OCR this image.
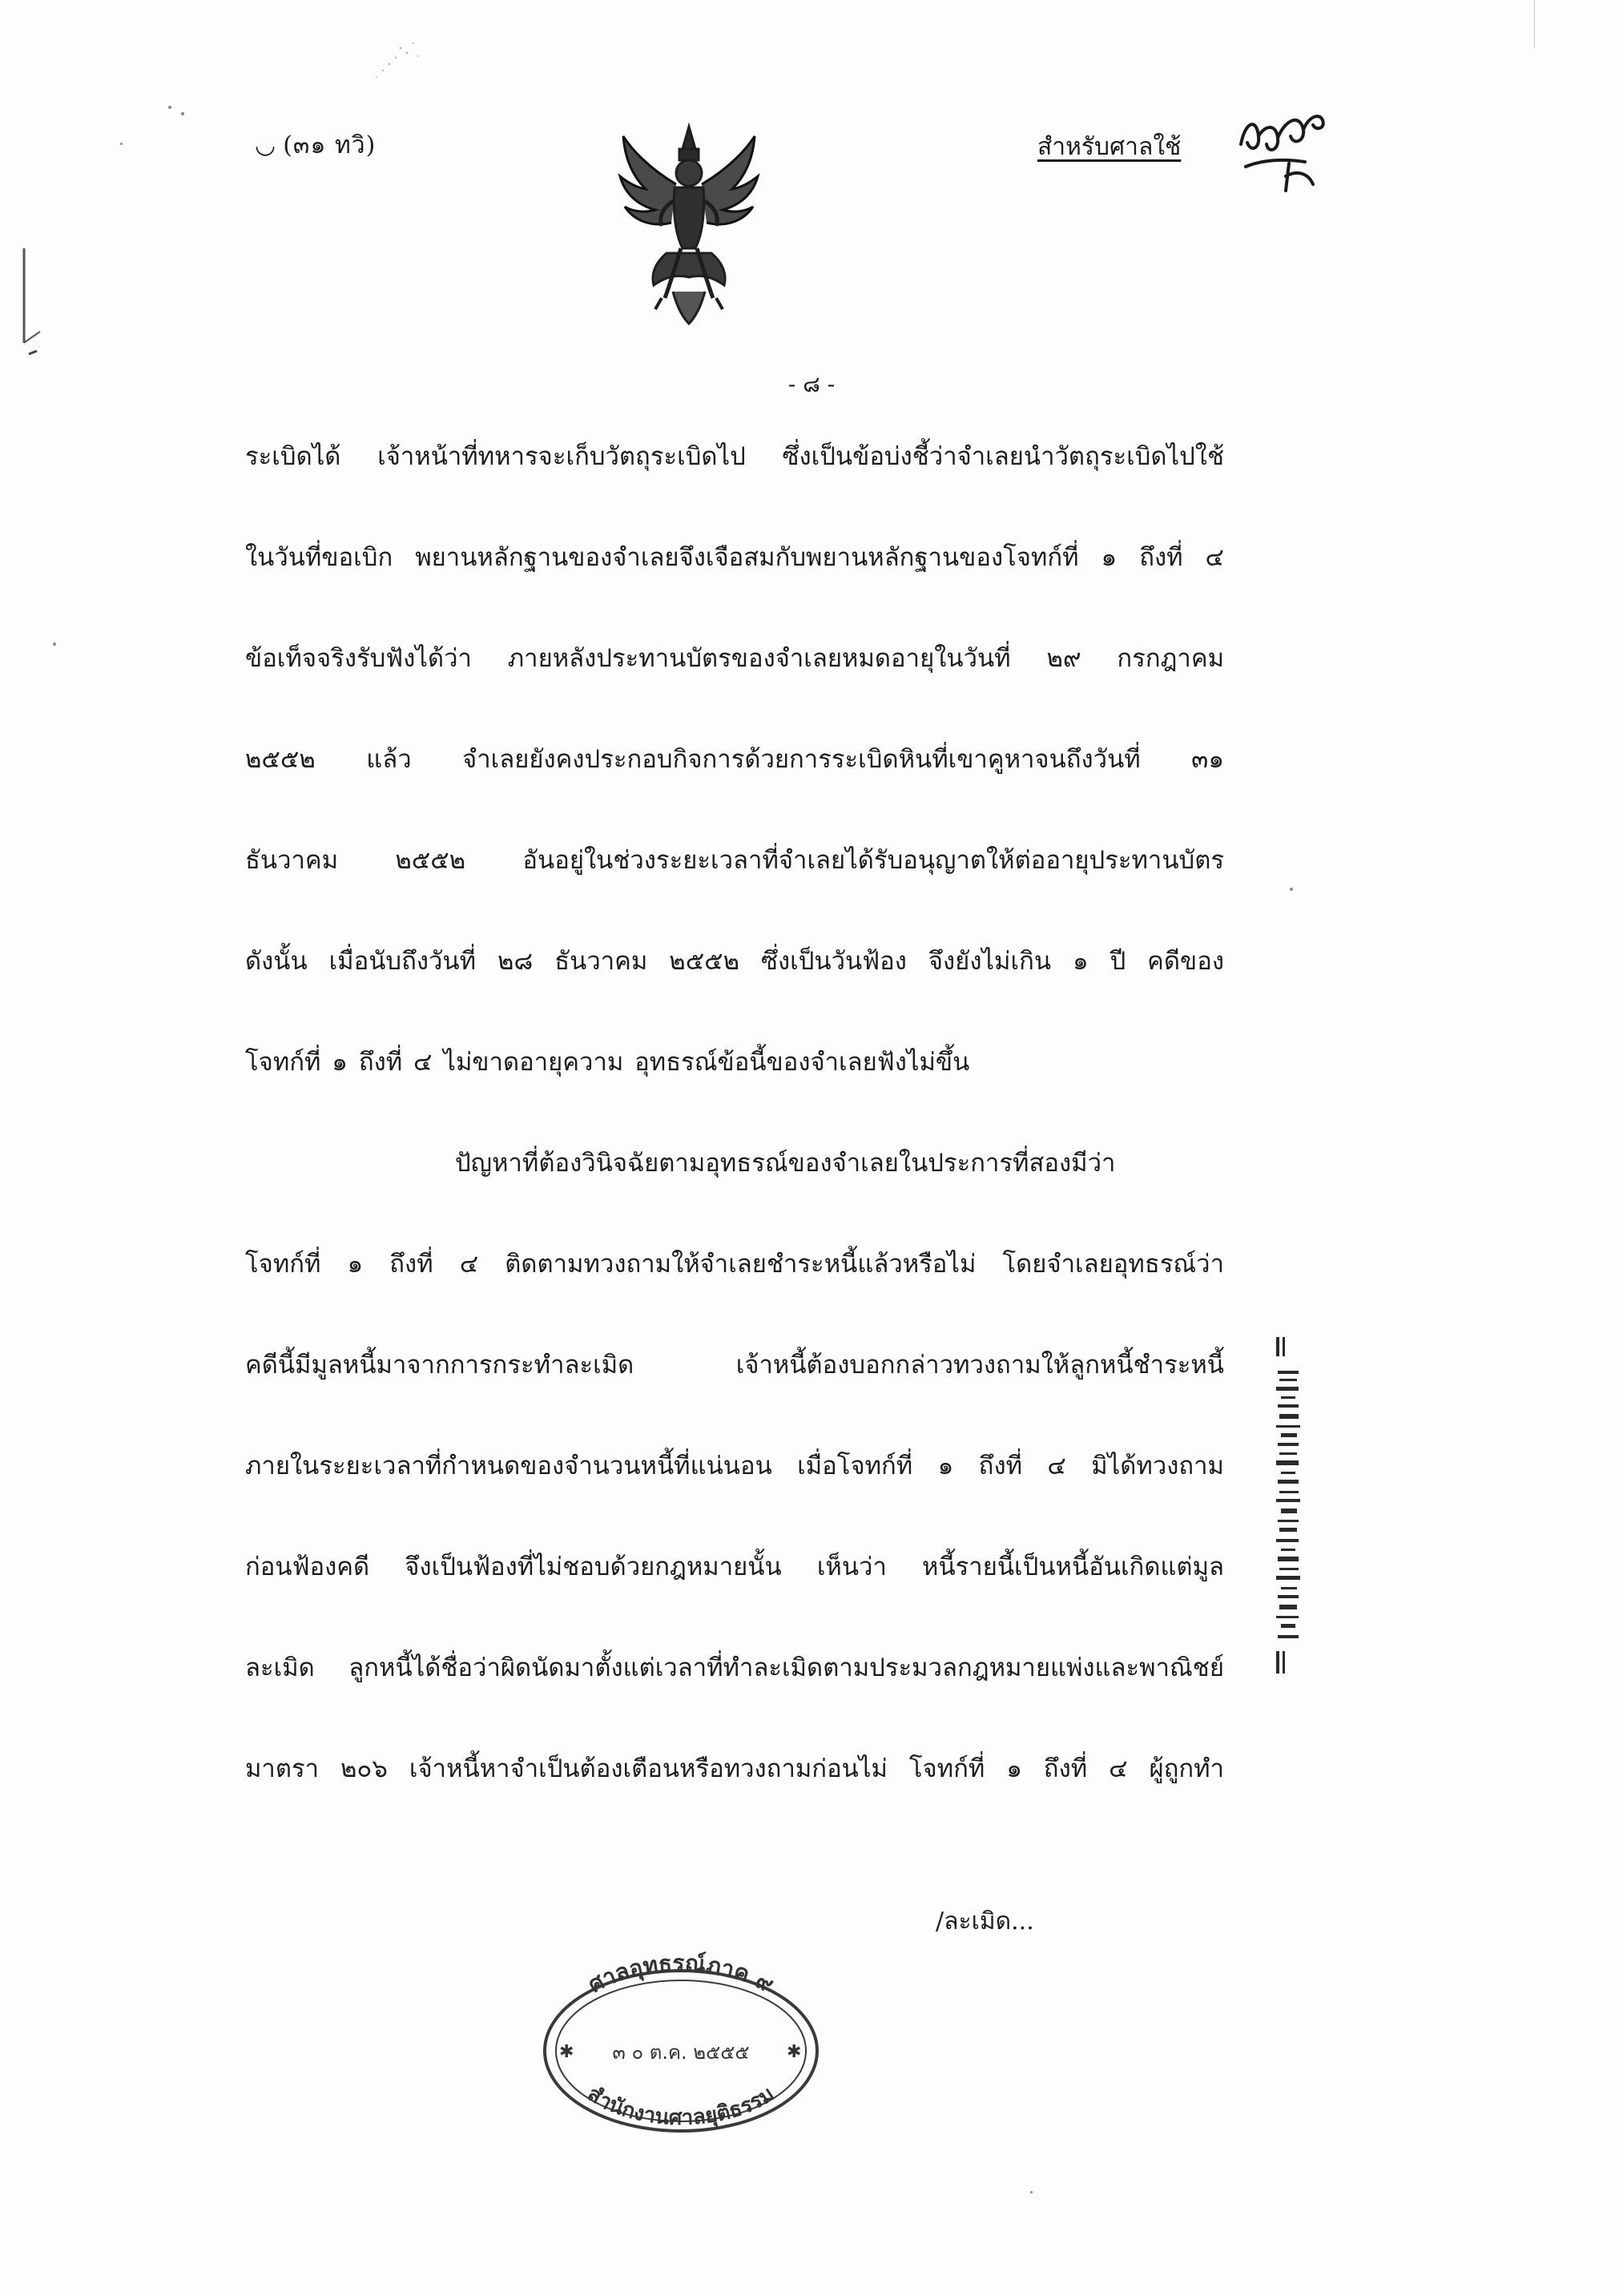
◡ (๓๑ ทวิ)	สำหรับศาลใช้
- ๘ -
ระเบิดได้ เจ้าหน้าที่ทหารจะเก็บวัตถุระเบิดไป ซึ่งเป็นข้อบ่งชี้ว่าจำเลยนำวัตถุระเบิดไปใช้
ในวันที่ขอเบิก พยานหลักฐานของจำเลยจึงเจือสมกับพยานหลักฐานของโจทก์ที่ ๑ ถึงที่ ๔
ข้อเท็จจริงรับฟังได้ว่า ภายหลังประทานบัตรของจำเลยหมดอายุในวันที่ ๒๙ กรกฎาคม
๒๕๕๒ แล้ว จำเลยยังคงประกอบกิจการด้วยการระเบิดหินที่เขาคูหาจนถึงวันที่ ๓๑
ธันวาคม ๒๕๕๒ อันอยู่ในช่วงระยะเวลาที่จำเลยได้รับอนุญาตให้ต่ออายุประทานบัตร
ดังนั้น เมื่อนับถึงวันที่ ๒๘ ธันวาคม ๒๕๕๒ ซึ่งเป็นวันฟ้อง จึงยังไม่เกิน ๑ ปี คดีของ
โจทก์ที่ ๑ ถึงที่ ๔ ไม่ขาดอายุความ อุทธรณ์ข้อนี้ของจำเลยฟังไม่ขึ้น
ปัญหาที่ต้องวินิจฉัยตามอุทธรณ์ของจำเลยในประการที่สองมีว่า
โจทก์ที่ ๑ ถึงที่ ๔ ติดตามทวงถามให้จำเลยชำระหนี้แล้วหรือไม่ โดยจำเลยอุทธรณ์ว่า
คดีนี้มีมูลหนี้มาจากการกระทำละเมิด เจ้าหนี้ต้องบอกกล่าวทวงถามให้ลูกหนี้ชำระหนี้
ภายในระยะเวลาที่กำหนดของจำนวนหนี้ที่แน่นอน เมื่อโจทก์ที่ ๑ ถึงที่ ๔ มิได้ทวงถาม
ก่อนฟ้องคดี จึงเป็นฟ้องที่ไม่ชอบด้วยกฎหมายนั้น เห็นว่า หนี้รายนี้เป็นหนี้อันเกิดแต่มูล
ละเมิด ลูกหนี้ได้ชื่อว่าผิดนัดมาตั้งแต่เวลาที่ทำละเมิดตามประมวลกฎหมายแพ่งและพาณิชย์
มาตรา ๒๐๖ เจ้าหนี้หาจำเป็นต้องเตือนหรือทวงถามก่อนไม่ โจทก์ที่ ๑ ถึงที่ ๔ ผู้ถูกทำ
/ละเมิด...
ศาลอุทธรณ์ภาค ๙
๓ ๐ ต.ค. ๒๕๕๕
สำนักงานศาลยุติธรรม
✱	✱
